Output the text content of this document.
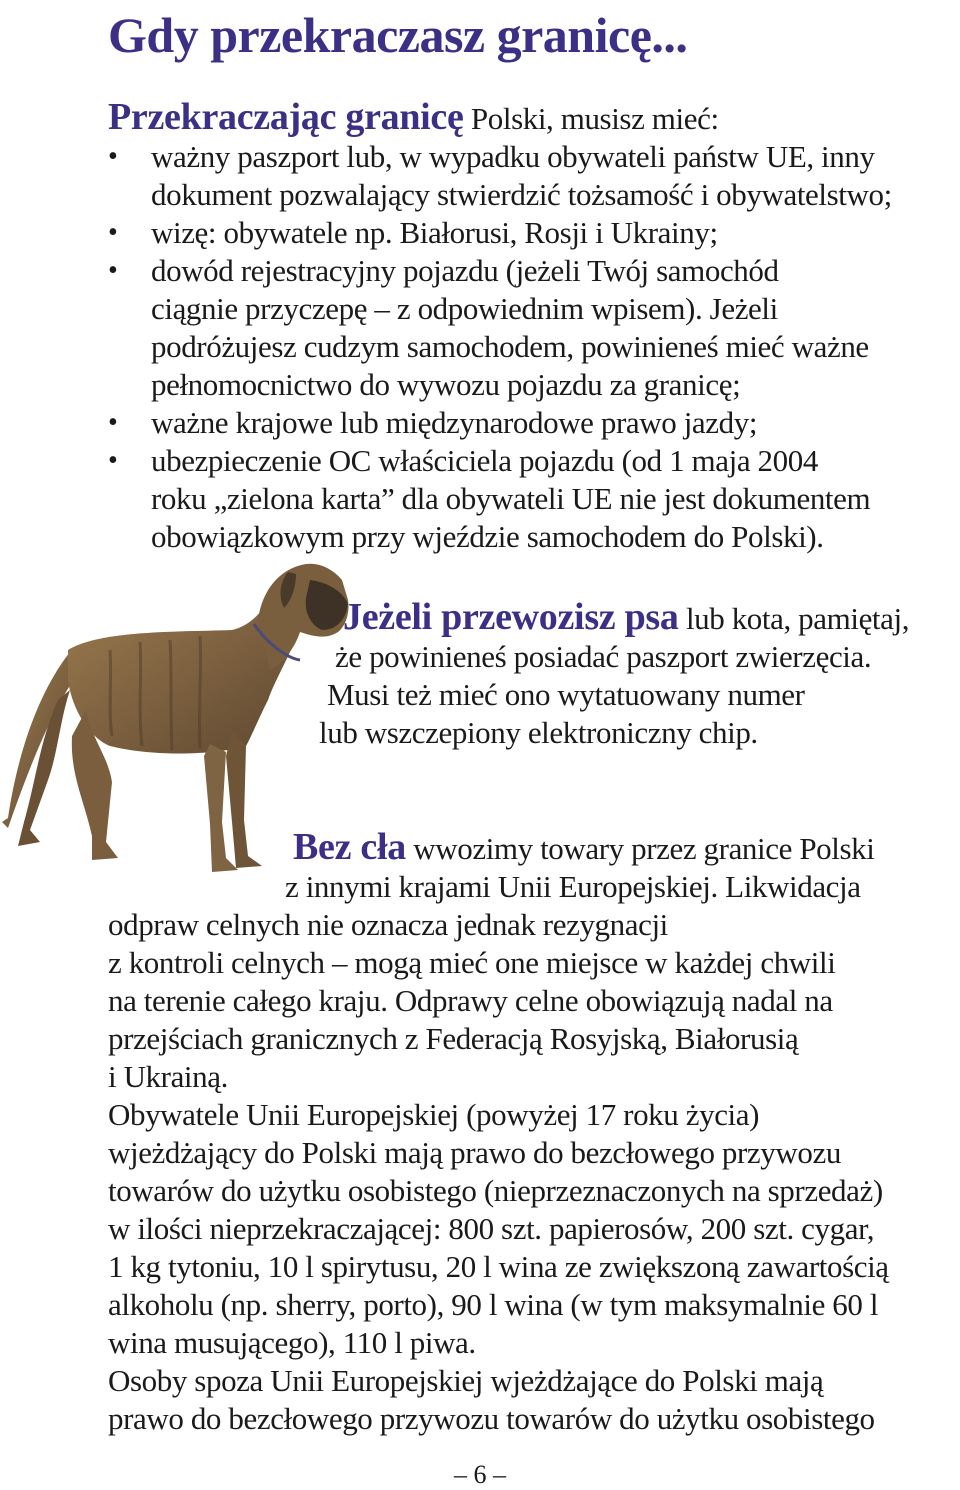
Gdy przekraczasz granicę...

Przekraczając granicę Polski, musisz mieć:

• ważny paszport lub, w wypadku obywateli państw UE, inny

dokument pozwalający stwierdzić tożsamość i obywatelstwo;

• wizę: obywatele np. Białorusi, Rosji i Ukrainy;

• dowód rejestracyjny pojazdu (jeżeli Twój samochód

ciągnie przyczepę – z odpowiednim wpisem). Jeżeli

podróżujesz cudzym samochodem, powinieneś mieć ważne

pełnomocnictwo do wywozu pojazdu za granicę;

• ważne krajowe lub międzynarodowe prawo jazdy;

• ubezpieczenie OC właściciela pojazdu (od 1 maja 2004

roku „zielona karta” dla obywateli UE nie jest dokumentem

obowiązkowym przy wjeździe samochodem do Polski).

Jeżeli przewozisz psa lub kota, pamiętaj,

że powinieneś posiadać paszport zwierzęcia.

Musi też mieć ono wytatuowany numer

lub wszczepiony elektroniczny chip.

Bez cła wwozimy towary przez granice Polski

z innymi krajami Unii Europejskiej. Likwidacja

odpraw celnych nie oznacza jednak rezygnacji

z kontroli celnych – mogą mieć one miejsce w każdej chwili

na terenie całego kraju. Odprawy celne obowiązują nadal na

przejściach granicznych z Federacją Rosyjską, Białorusią

i Ukrainą.

Obywatele Unii Europejskiej (powyżej 17 roku życia)

wjeżdżający do Polski mają prawo do bezcłowego przywozu

towarów do użytku osobistego (nieprzeznaczonych na sprzedaż)

w ilości nieprzekraczającej: 800 szt. papierosów, 200 szt. cygar,

1 kg tytoniu, 10 l spirytusu, 20 l wina ze zwiększoną zawartością

alkoholu (np. sherry, porto), 90 l wina (w tym maksymalnie 60 l

wina musującego), 110 l piwa.

Osoby spoza Unii Europejskiej wjeżdżające do Polski mają

prawo do bezcłowego przywozu towarów do użytku osobistego

– 6 –
